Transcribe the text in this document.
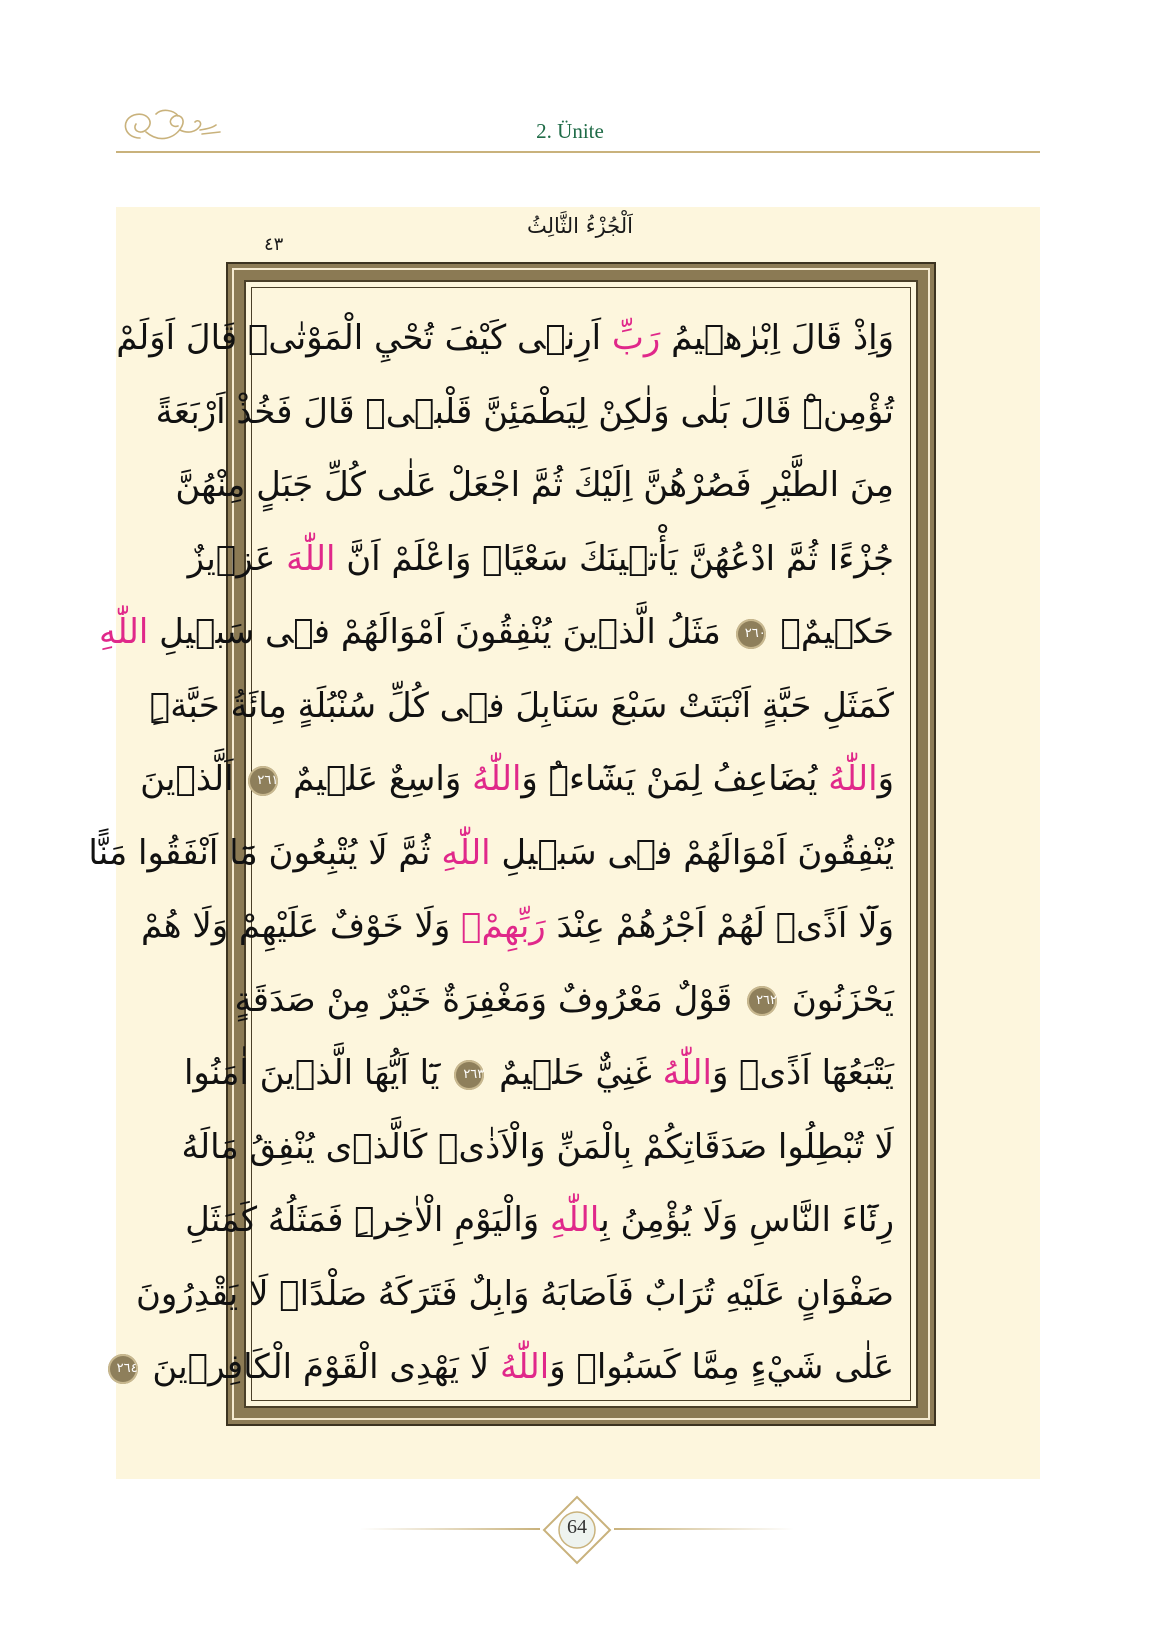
2. Ünite
اَلْجُزْءُ الثَّالِثُ
٤٣
وَاِذْ قَالَ اِبْرٰهٖيمُ رَبِّ اَرِنٖى كَيْفَ تُحْيِ الْمَوْتٰىۜ قَالَ اَوَلَمْ
تُؤْمِنْۜ قَالَ بَلٰى وَلٰكِنْ لِيَطْمَئِنَّ قَلْبٖىۜ قَالَ فَخُذْ اَرْبَعَةً
مِنَ الطَّيْرِ فَصُرْهُنَّ اِلَيْكَ ثُمَّ اجْعَلْ عَلٰى كُلِّ جَبَلٍ مِنْهُنَّ
جُزْءًا ثُمَّ ادْعُهُنَّ يَأْتٖينَكَ سَعْيًاۜ وَاعْلَمْ اَنَّ اللّٰهَ عَزٖيزٌ
حَكٖيمٌ۟ ٢٦٠ مَثَلُ الَّذٖينَ يُنْفِقُونَ اَمْوَالَهُمْ فٖى سَبٖيلِ اللّٰهِ
كَمَثَلِ حَبَّةٍ اَنْبَتَتْ سَبْعَ سَنَابِلَ فٖى كُلِّ سُنْبُلَةٍ مِائَةُ حَبَّةٍۜ
وَاللّٰهُ يُضَاعِفُ لِمَنْ يَشَٓاءُۜ وَاللّٰهُ وَاسِعٌ عَلٖيمٌ ٢٦١ اَلَّذٖينَ
يُنْفِقُونَ اَمْوَالَهُمْ فٖى سَبٖيلِ اللّٰهِ ثُمَّ لَا يُتْبِعُونَ مَٓا اَنْفَقُوا مَنًّا
وَلَٓا اَذًىۙ لَهُمْ اَجْرُهُمْ عِنْدَ رَبِّهِمْۚ وَلَا خَوْفٌ عَلَيْهِمْ وَلَا هُمْ
يَحْزَنُونَ ٢٦٢ قَوْلٌ مَعْرُوفٌ وَمَغْفِرَةٌ خَيْرٌ مِنْ صَدَقَةٍ
يَتْبَعُهَٓا اَذًىۜ وَاللّٰهُ غَنِيٌّ حَلٖيمٌ ٢٦٣ يَٓا اَيُّهَا الَّذٖينَ اٰمَنُوا
لَا تُبْطِلُوا صَدَقَاتِكُمْ بِالْمَنِّ وَالْاَذٰىۙ كَالَّذٖى يُنْفِقُ مَالَهُ
رِئَٓاءَ النَّاسِ وَلَا يُؤْمِنُ بِاللّٰهِ وَالْيَوْمِ الْاٰخِرِۜ فَمَثَلُهُ كَمَثَلِ
صَفْوَانٍ عَلَيْهِ تُرَابٌ فَاَصَابَهُ وَابِلٌ فَتَرَكَهُ صَلْدًاۜ لَا يَقْدِرُونَ
عَلٰى شَيْءٍ مِمَّا كَسَبُواۜ وَاللّٰهُ لَا يَهْدِى الْقَوْمَ الْكَافِرٖينَ ٢٦٤
64
